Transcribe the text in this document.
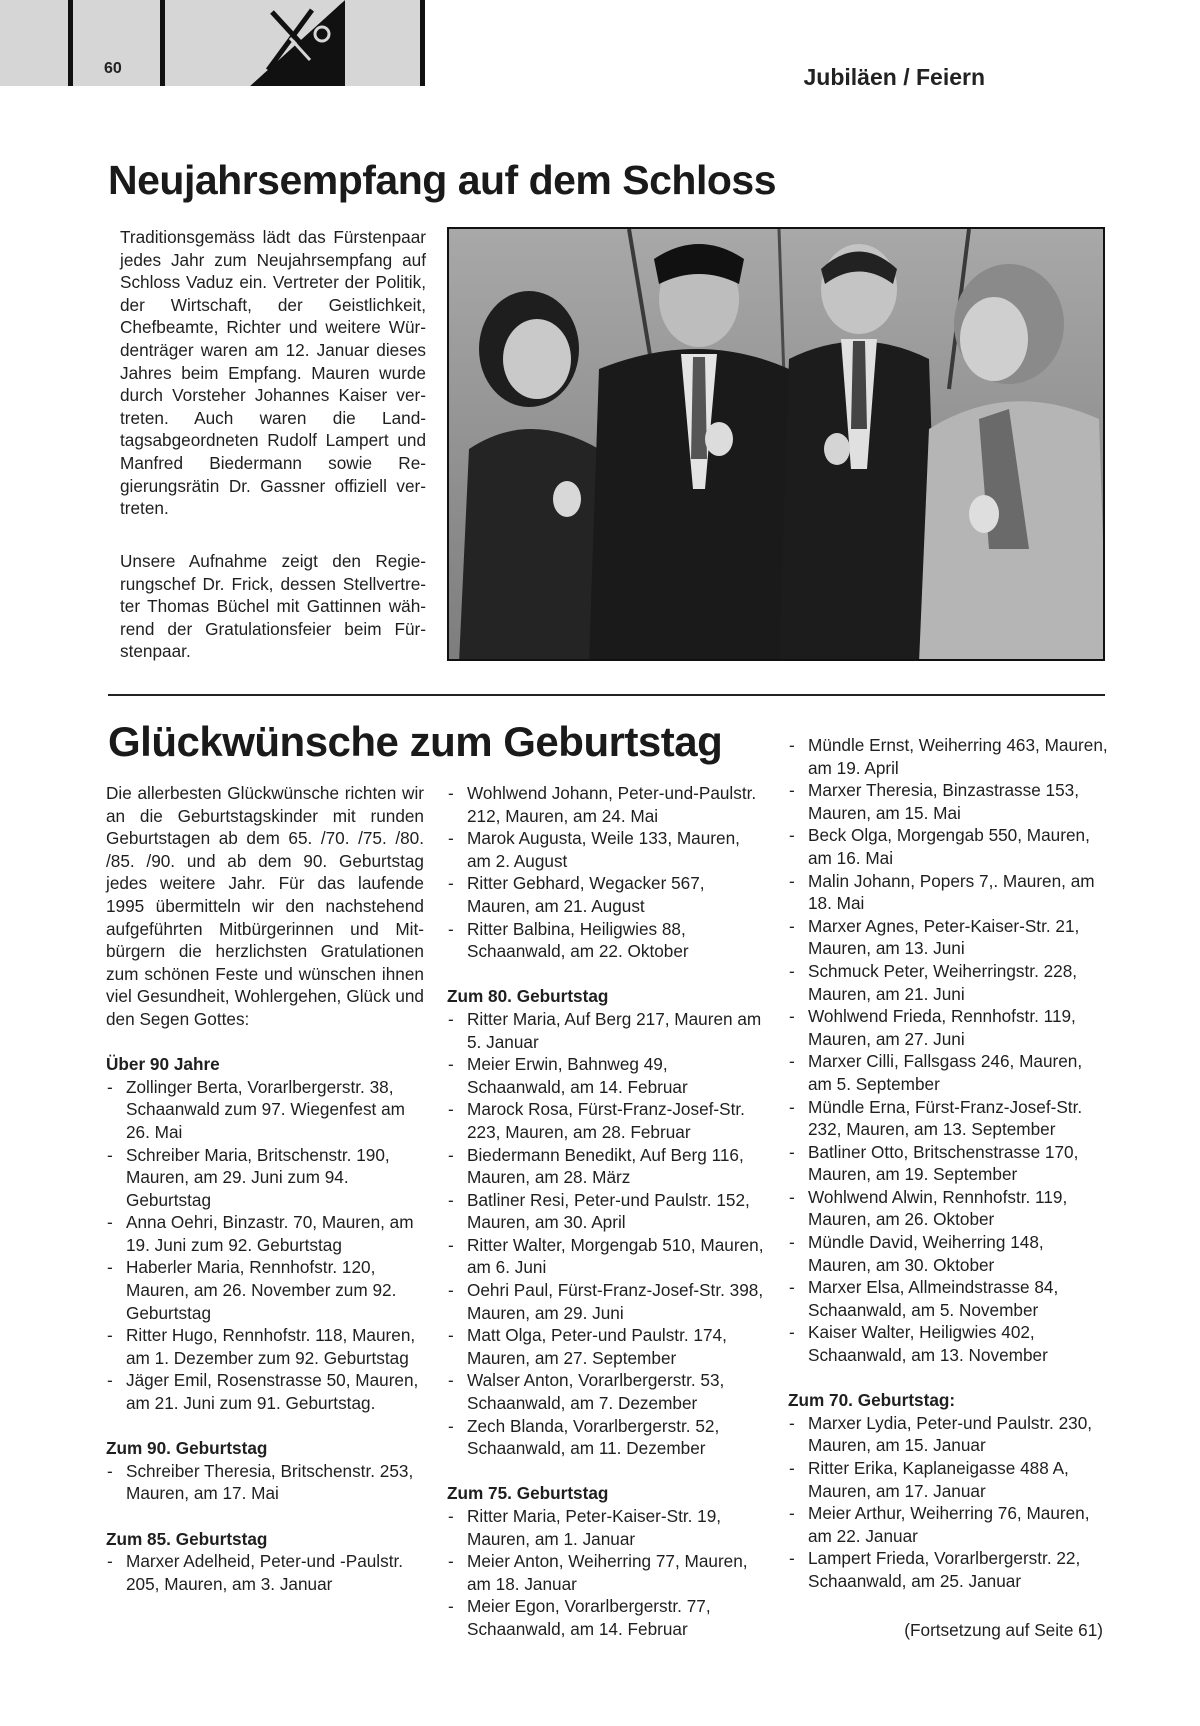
60	Jubiläen / Feiern
Neujahrsempfang auf dem Schloss
Traditionsgemäss lädt das Fürstenpaar jedes Jahr zum Neujahrsempfang auf Schloss Vaduz ein. Vertreter der Politik, der Wirtschaft, der Geistlichkeit, Chefbeamte, Richter und weitere Würdenträger waren am 12. Januar dieses Jahres beim Empfang. Mauren wurde durch Vorsteher Johannes Kaiser vertreten. Auch waren die Landtagsabgeordneten Rudolf Lampert und Manfred Biedermann sowie Regierungsrätin Dr. Gassner offiziell vertreten.
Unsere Aufnahme zeigt den Regierungschef Dr. Frick, dessen Stellvertreter Thomas Büchel mit Gattinnen während der Gratulationsfeier beim Fürstenpaar.
Glückwünsche zum Geburtstag
Die allerbesten Glückwünsche richten wir an die Geburtstagskinder mit runden Geburtstagen ab dem 65. /70. /75. /80. /85. /90. und ab dem 90. Geburtstag jedes weitere Jahr. Für das laufende 1995 übermitteln wir den nachstehend aufgeführten Mitbürgerinnen und Mitbürgern die herzlichsten Gratulationen zum schönen Feste und wünschen ihnen viel Gesundheit, Wohlergehen, Glück und den Segen Gottes:
Über 90 Jahre
- Zollinger Berta, Vorarlbergerstr. 38, Schaanwald zum 97. Wiegenfest am 26. Mai
- Schreiber Maria, Britschenstr. 190, Mauren, am 29. Juni zum 94. Geburtstag
- Anna Oehri, Binzastr. 70, Mauren, am 19. Juni zum 92. Geburtstag
- Haberler Maria, Rennhofstr. 120, Mauren, am 26. November zum 92. Geburtstag
- Ritter Hugo, Rennhofstr. 118, Mauren, am 1. Dezember zum 92. Geburtstag
- Jäger Emil, Rosenstrasse 50, Mauren, am 21. Juni zum 91. Geburtstag.
Zum 90. Geburtstag
- Schreiber Theresia, Britschenstr. 253, Mauren, am 17. Mai
Zum 85. Geburtstag
- Marxer Adelheid, Peter-und -Paulstr. 205, Mauren, am 3. Januar
- Wohlwend Johann, Peter-und-Paulstr. 212, Mauren, am 24. Mai
- Marok Augusta, Weile 133, Mauren, am 2. August
- Ritter Gebhard, Wegacker 567, Mauren, am 21. August
- Ritter Balbina, Heiligwies 88, Schaanwald, am 22. Oktober
Zum 80. Geburtstag
- Ritter Maria, Auf Berg 217, Mauren am 5. Januar
- Meier Erwin, Bahnweg 49, Schaanwald, am 14. Februar
- Marock Rosa, Fürst-Franz-Josef-Str. 223, Mauren, am 28. Februar
- Biedermann Benedikt, Auf Berg 116, Mauren, am 28. März
- Batliner Resi, Peter-und Paulstr. 152, Mauren, am 30. April
- Ritter Walter, Morgengab 510, Mauren, am 6. Juni
- Oehri Paul, Fürst-Franz-Josef-Str. 398, Mauren, am 29. Juni
- Matt Olga, Peter-und Paulstr. 174, Mauren, am 27. September
- Walser Anton, Vorarlbergerstr. 53, Schaanwald, am 7. Dezember
- Zech Blanda, Vorarlbergerstr. 52, Schaanwald, am 11. Dezember
Zum 75. Geburtstag
- Ritter Maria, Peter-Kaiser-Str. 19, Mauren, am 1. Januar
- Meier Anton, Weiherring 77, Mauren, am 18. Januar
- Meier Egon, Vorarlbergerstr. 77, Schaanwald, am 14. Februar
- Mündle Ernst, Weiherring 463, Mauren, am 19. April
- Marxer Theresia, Binzastrasse 153, Mauren, am 15. Mai
- Beck Olga, Morgengab 550, Mauren, am 16. Mai
- Malin Johann, Popers 7,. Mauren, am 18. Mai
- Marxer Agnes, Peter-Kaiser-Str. 21, Mauren, am 13. Juni
- Schmuck Peter, Weiherringstr. 228, Mauren, am 21. Juni
- Wohlwend Frieda, Rennhofstr. 119, Mauren, am 27. Juni
- Marxer Cilli, Fallsgass 246, Mauren, am 5. September
- Mündle Erna, Fürst-Franz-Josef-Str. 232, Mauren, am 13. September
- Batliner Otto, Britschenstrasse 170, Mauren, am 19. September
- Wohlwend Alwin, Rennhofstr. 119, Mauren, am 26. Oktober
- Mündle David, Weiherring 148, Mauren, am 30. Oktober
- Marxer Elsa, Allmeindstrasse 84, Schaanwald, am 5. November
- Kaiser Walter, Heiligwies 402, Schaanwald, am 13. November
Zum 70. Geburtstag:
- Marxer Lydia, Peter-und Paulstr. 230, Mauren, am 15. Januar
- Ritter Erika, Kaplaneigasse 488 A, Mauren, am 17. Januar
- Meier Arthur, Weiherring 76, Mauren, am 22. Januar
- Lampert Frieda, Vorarlbergerstr. 22, Schaanwald, am 25. Januar
(Fortsetzung auf Seite 61)
